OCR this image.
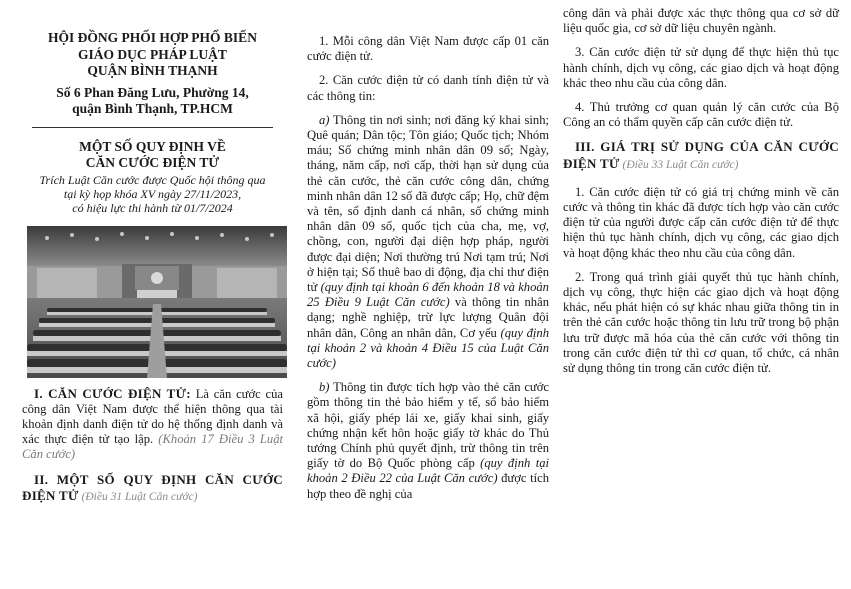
HỘI ĐỒNG PHỐI HỢP PHỔ BIẾN

GIÁO DỤC PHÁP LUẬT

QUẬN BÌNH THẠNH

Số 6 Phan Đăng Lưu, Phường 14,

quận Bình Thạnh, TP.HCM

MỘT SỐ QUY ĐỊNH VỀ

CĂN CƯỚC ĐIỆN TỬ

Trích Luật Căn cước được Quốc hội thông qua

tại kỳ họp khóa XV ngày 27/11/2023,

có hiệu lực thi hành từ 01/7/2024

I. CĂN CƯỚC ĐIỆN TỬ: Là căn cước của công dân Việt Nam được thể hiện thông qua tài khoản định danh điện tử do hệ thống định danh và xác thực điện tử tạo lập. (Khoản 17 Điều 3 Luật Căn cước)

II. MỘT SỐ QUY ĐỊNH CĂN CƯỚC ĐIỆN TỬ (Điều 31 Luật Căn cước)

1. Mỗi công dân Việt Nam được cấp 01 căn cước điện tử.

2. Căn cước điện tử có danh tính điện tử và các thông tin:

a) Thông tin nơi sinh; nơi đăng ký khai sinh; Quê quán; Dân tộc; Tôn giáo; Quốc tịch; Nhóm máu; Số chứng minh nhân dân 09 số; Ngày, tháng, năm cấp, nơi cấp, thời hạn sử dụng của thẻ căn cước, thẻ căn cước công dân, chứng minh nhân dân 12 số đã được cấp; Họ, chữ đệm và tên, số định danh cá nhân, số chứng minh nhân dân 09 số, quốc tịch của cha, mẹ, vợ, chồng, con, người đại diện hợp pháp, người được đại diện; Nơi thường trú Nơi tạm trú; Nơi ở hiện tại; Số thuê bao di động, địa chỉ thư điện tử (quy định tại khoản 6 đến khoản 18 và khoản 25 Điều 9 Luật Căn cước) và thông tin nhân dạng; nghề nghiệp, trừ lực lượng Quân đội nhân dân, Công an nhân dân, Cơ yếu (quy định tại khoản 2 và khoản 4 Điều 15 của Luật Căn cước)

b) Thông tin được tích hợp vào thẻ căn cước gồm thông tin thẻ bảo hiểm y tế, sổ bảo hiểm xã hội, giấy phép lái xe, giấy khai sinh, giấy chứng nhận kết hôn hoặc giấy tờ khác do Thủ tướng Chính phủ quyết định, trừ thông tin trên giấy tờ do Bộ Quốc phòng cấp (quy định tại khoản 2 Điều 22 của Luật Căn cước) được tích hợp theo đề nghị của

công dân và phải được xác thực thông qua cơ sở dữ liệu quốc gia, cơ sở dữ liệu chuyên ngành.

3. Căn cước điện tử sử dụng để thực hiện thủ tục hành chính, dịch vụ công, các giao dịch và hoạt động khác theo nhu cầu của công dân.

4. Thủ trưởng cơ quan quản lý căn cước của Bộ Công an có thẩm quyền cấp căn cước điện tử.

III. GIÁ TRỊ SỬ DỤNG CỦA CĂN CƯỚC ĐIỆN TỬ (Điều 33 Luật Căn cước)

1. Căn cước điện tử có giá trị chứng minh về căn cước và thông tin khác đã được tích hợp vào căn cước điện tử của người được cấp căn cước điện tử để thực hiện thủ tục hành chính, dịch vụ công, các giao dịch và hoạt động khác theo nhu cầu của công dân.

2. Trong quá trình giải quyết thủ tục hành chính, dịch vụ công, thực hiện các giao dịch và hoạt động khác, nếu phát hiện có sự khác nhau giữa thông tin in trên thẻ căn cước hoặc thông tin lưu trữ trong bộ phận lưu trữ được mã hóa của thẻ căn cước với thông tin trong căn cước điện tử thì cơ quan, tổ chức, cá nhân sử dụng thông tin trong căn cước điện tử.
